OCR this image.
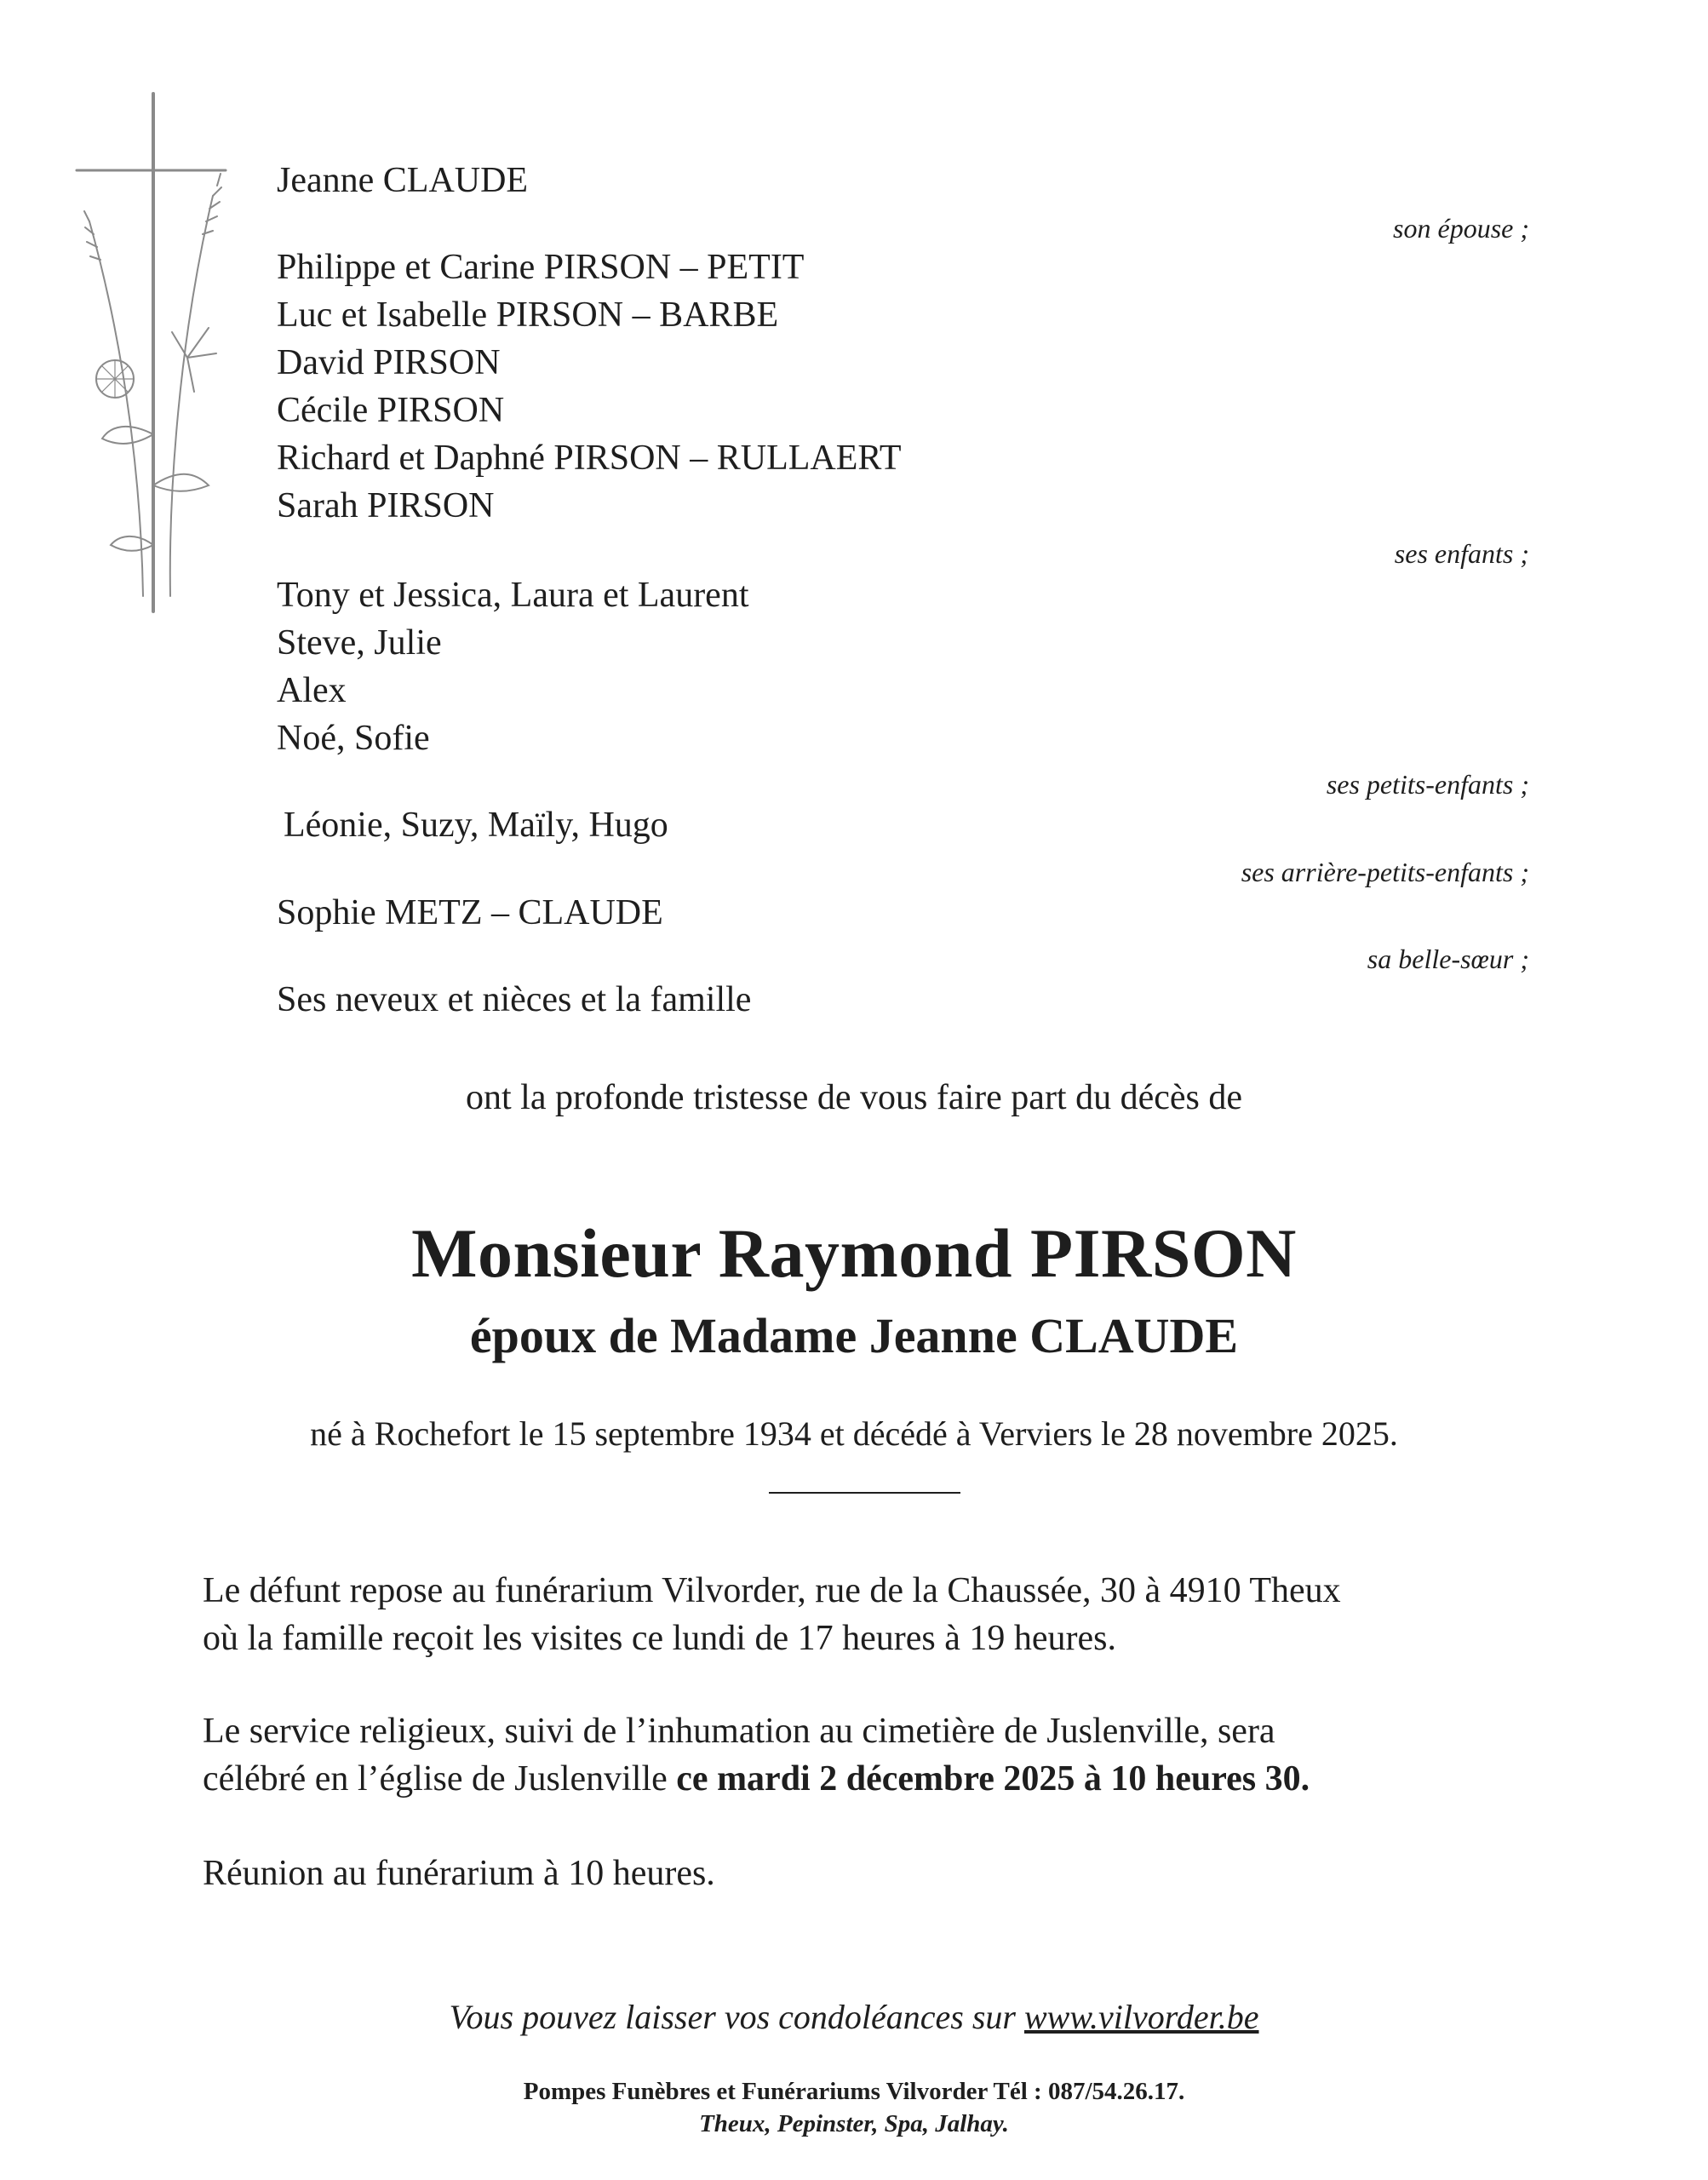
Jeanne CLAUDE
son épouse ;
Philippe et Carine PIRSON – PETIT
Luc et Isabelle PIRSON – BARBE
David PIRSON
Cécile PIRSON
Richard et Daphné PIRSON – RULLAERT
Sarah PIRSON
ses enfants ;
Tony et Jessica, Laura et Laurent
Steve, Julie
Alex
Noé, Sofie
ses petits-enfants ;
Léonie, Suzy, Maïly, Hugo
ses arrière-petits-enfants ;
Sophie METZ – CLAUDE
sa belle-sœur ;
Ses neveux et nièces et la famille
ont la profonde tristesse de vous faire part du décès de
Monsieur Raymond PIRSON
époux de Madame Jeanne CLAUDE
né à Rochefort le 15 septembre 1934 et décédé à Verviers le 28 novembre 2025.
Le défunt repose au funérarium Vilvorder, rue de la Chaussée, 30 à 4910 Theux
où la famille reçoit les visites ce lundi de 17 heures à 19 heures.
Le service religieux, suivi de l’inhumation au cimetière de Juslenville, sera
célébré en l’église de Juslenville ce mardi 2 décembre 2025 à 10 heures 30.
Réunion au funérarium à 10 heures.
Vous pouvez laisser vos condoléances sur www.vilvorder.be
Pompes Funèbres et Funérariums Vilvorder Tél : 087/54.26.17.
Theux, Pepinster, Spa, Jalhay.
